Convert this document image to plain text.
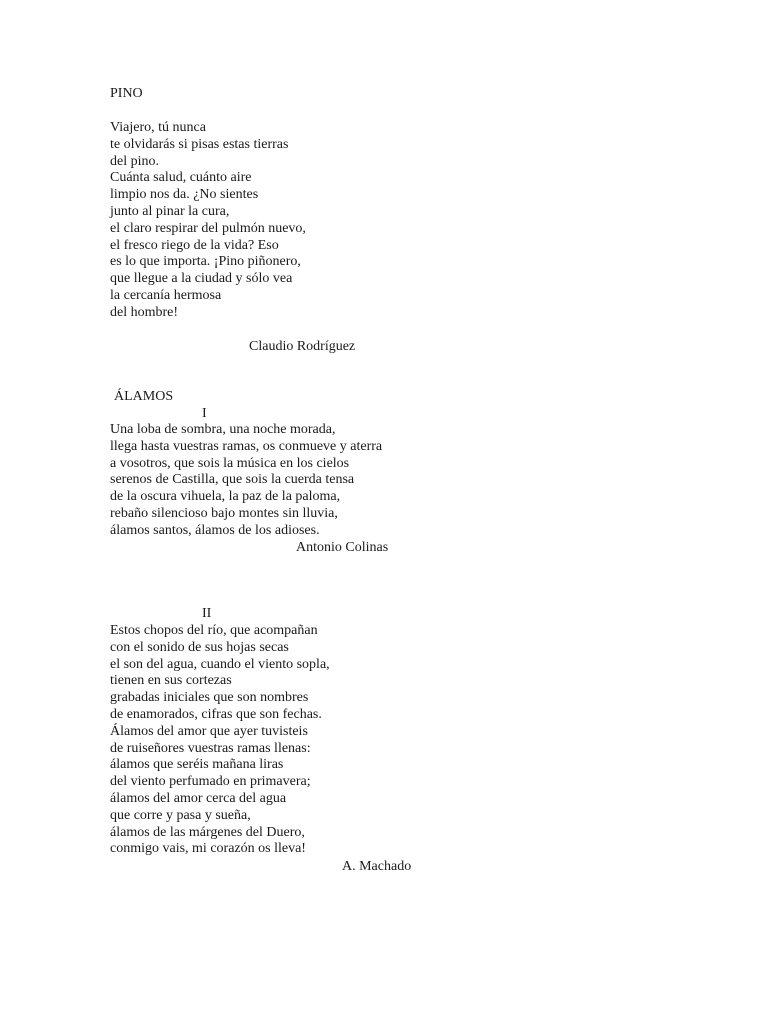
PINO
Viajero, tú nunca
te olvidarás si pisas estas tierras
del pino.
Cuánta salud, cuánto aire
limpio nos da. ¿No sientes
junto al pinar la cura,
el claro respirar del pulmón nuevo,
el fresco riego de la vida? Eso
es lo que importa. ¡Pino piñonero,
que llegue a la ciudad y sólo vea
la cercanía hermosa
del hombre!
Claudio Rodríguez
ÁLAMOS
I
Una loba de sombra, una noche morada,
llega hasta vuestras ramas, os conmueve y aterra
a vosotros, que sois la música en los cielos
serenos de Castilla, que sois la cuerda tensa
de la oscura vihuela, la paz de la paloma,
rebaño silencioso bajo montes sin lluvia,
álamos santos, álamos de los adioses.
Antonio Colinas
II
Estos chopos del río, que acompañan
con el sonido de sus hojas secas
el son del agua, cuando el viento sopla,
tienen en sus cortezas
grabadas iniciales que son nombres
de enamorados, cifras que son fechas.
Álamos del amor que ayer tuvisteis
de ruiseñores vuestras ramas llenas:
álamos que seréis mañana liras
del viento perfumado en primavera;
álamos del amor cerca del agua
que corre y pasa y sueña,
álamos de las márgenes del Duero,
conmigo vais, mi corazón os lleva!
A. Machado
